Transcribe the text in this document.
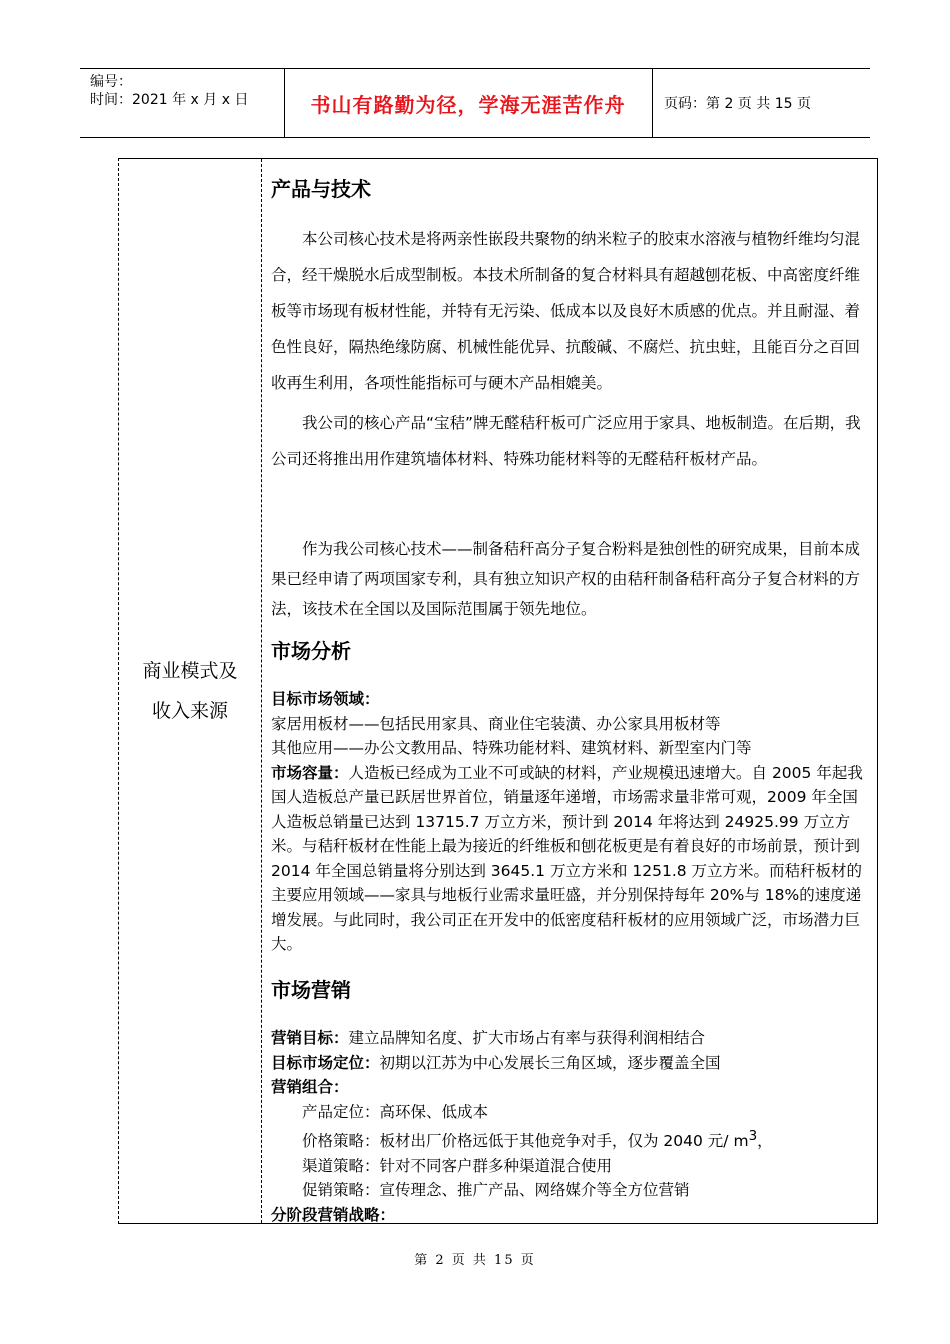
编号：
时间：2021 年 x 月 x 日	书山有路勤为径，学海无涯苦作舟	页码：第 2 页 共 15 页
商业模式及
收入来源
产品与技术

本公司核心技术是将两亲性嵌段共聚物的纳米粒子的胶束水溶液与植物纤维均匀混合，经干燥脱水后成型制板。本技术所制备的复合材料具有超越刨花板、中高密度纤维板等市场现有板材性能，并特有无污染、低成本以及良好木质感的优点。并且耐湿、着色性良好，隔热绝缘防腐、机械性能优异、抗酸碱、不腐烂、抗虫蛀，且能百分之百回收再生利用，各项性能指标可与硬木产品相媲美。

我公司的核心产品“宝秸”牌无醛秸秆板可广泛应用于家具、地板制造。在后期，我公司还将推出用作建筑墙体材料、特殊功能材料等的无醛秸秆板材产品。

作为我公司核心技术——制备秸秆高分子复合粉料是独创性的研究成果，目前本成果已经申请了两项国家专利，具有独立知识产权的由秸秆制备秸秆高分子复合材料的方法，该技术在全国以及国际范围属于领先地位。

市场分析
目标市场领域：
家居用板材——包括民用家具、商业住宅装潢、办公家具用板材等
其他应用——办公文教用品、特殊功能材料、建筑材料、新型室内门等
市场容量：人造板已经成为工业不可或缺的材料，产业规模迅速增大。自 2005 年起我国人造板总产量已跃居世界首位，销量逐年递增，市场需求量非常可观，2009 年全国人造板总销量已达到 13715.7 万立方米，预计到 2014 年将达到 24925.99 万立方米。与秸秆板材在性能上最为接近的纤维板和刨花板更是有着良好的市场前景，预计到 2014 年全国总销量将分别达到 3645.1 万立方米和 1251.8 万立方米。而秸秆板材的主要应用领域——家具与地板行业需求量旺盛，并分别保持每年 20%与 18%的速度递增发展。与此同时，我公司正在开发中的低密度秸秆板材的应用领域广泛，市场潜力巨大。
市场营销
营销目标：建立品牌知名度、扩大市场占有率与获得利润相结合
目标市场定位：初期以江苏为中心发展长三角区域，逐步覆盖全国
营销组合：
产品定位：高环保、低成本
价格策略：板材出厂价格远低于其他竞争对手，仅为 2040 元/ m$^3$，
渠道策略：针对不同客户群多种渠道混合使用
促销策略：宣传理念、推广产品、网络媒介等全方位营销
分阶段营销战略：
第 2 页 共 15 页
